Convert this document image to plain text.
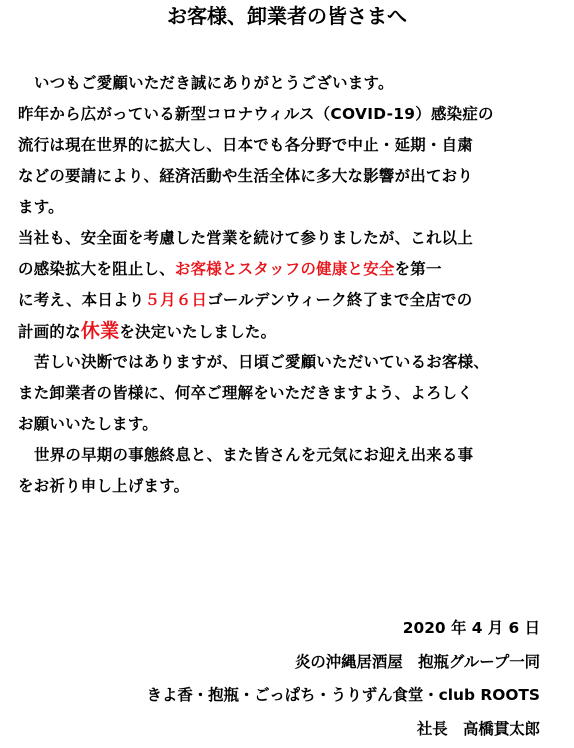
お客様、卸業者の皆さまへ
いつもご愛顧いただき誠にありがとうございます。
昨年から広がっている新型コロナウィルス（COVID-19）感染症の
流行は現在世界的に拡大し、日本でも各分野で中止・延期・自粛
などの要請により、経済活動や生活全体に多大な影響が出ており
ます。
当社も、安全面を考慮した営業を続けて参りましたが、これ以上
の感染拡大を阻止し、お客様とスタッフの健康と安全を第一
に考え、本日より５月６日ゴールデンウィーク終了まで全店での
計画的な休業を決定いたしました。
苦しい決断ではありますが、日頃ご愛顧いただいているお客様、
また卸業者の皆様に、何卒ご理解をいただきますよう、よろしく
お願いいたします。
世界の早期の事態終息と、また皆さんを元気にお迎え出来る事
をお祈り申し上げます。
2020 年 4 月 6 日
炎の沖縄居酒屋　抱瓶グループ一同
きよ香・抱瓶・ごっぱち・うりずん食堂・club ROOTS
社長　高橋貫太郎
